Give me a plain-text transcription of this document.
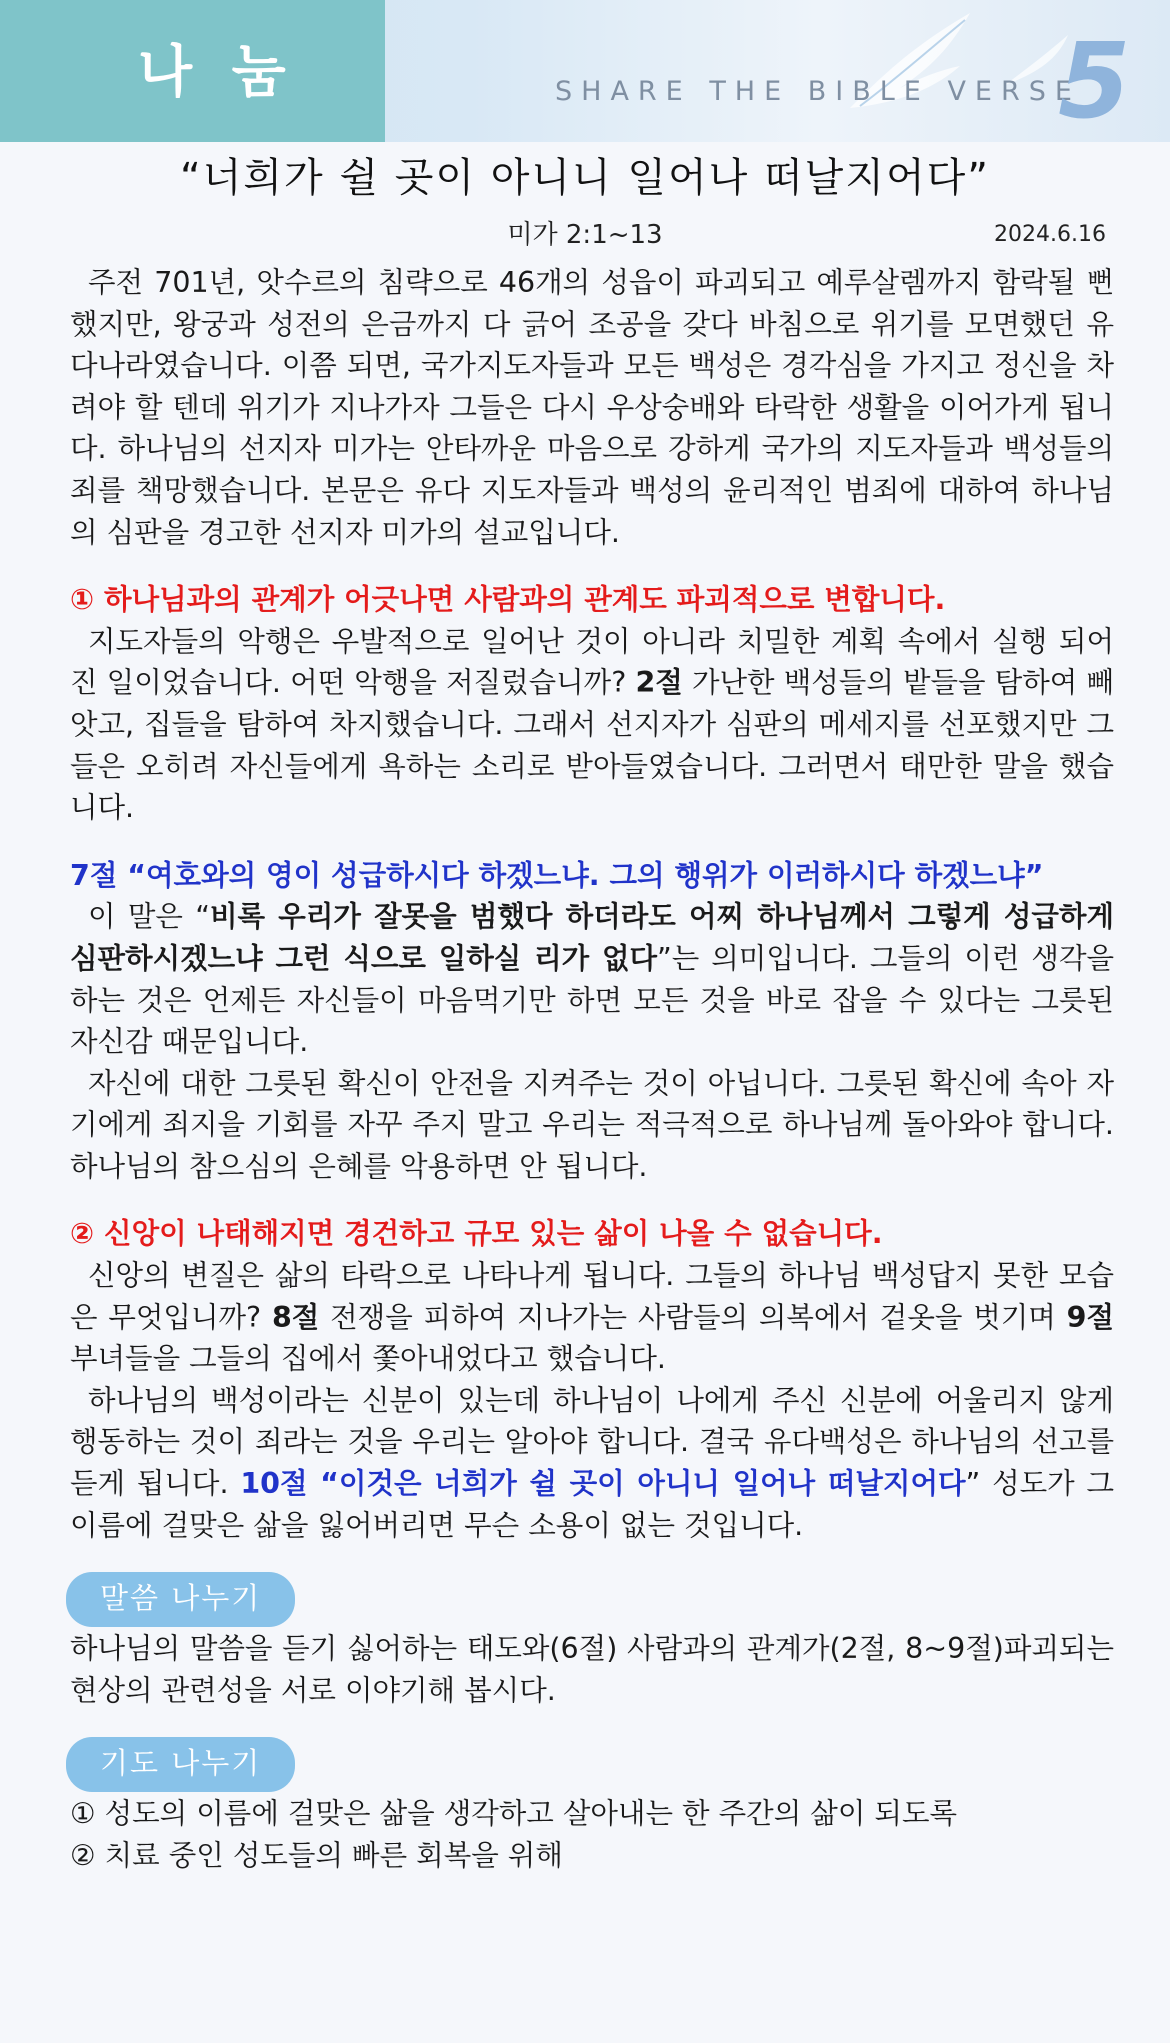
나 눔	SHARE THE BIBLE VERSE
5
“너희가 쉴 곳이 아니니 일어나 떠날지어다”
미가 2:1~13	2024.6.16

주전 701년, 앗수르의 침략으로 46개의 성읍이 파괴되고 예루살렘까지 함락될 뻔했지만, 왕궁과 성전의 은금까지 다 긁어 조공을 갖다 바침으로 위기를 모면했던 유다나라였습니다. 이쯤 되면, 국가지도자들과 모든 백성은 경각심을 가지고 정신을 차려야 할 텐데 위기가 지나가자 그들은 다시 우상숭배와 타락한 생활을 이어가게 됩니다. 하나님의 선지자 미가는 안타까운 마음으로 강하게 국가의 지도자들과 백성들의 죄를 책망했습니다. 본문은 유다 지도자들과 백성의 윤리적인 범죄에 대하여 하나님의 심판을 경고한 선지자 미가의 설교입니다.

① 하나님과의 관계가 어긋나면 사람과의 관계도 파괴적으로 변합니다.

지도자들의 악행은 우발적으로 일어난 것이 아니라 치밀한 계획 속에서 실행 되어진 일이었습니다. 어떤 악행을 저질렀습니까? 2절 가난한 백성들의 밭들을 탐하여 빼앗고, 집들을 탐하여 차지했습니다. 그래서 선지자가 심판의 메세지를 선포했지만 그들은 오히려 자신들에게 욕하는 소리로 받아들였습니다. 그러면서 태만한 말을 했습니다.

7절 “여호와의 영이 성급하시다 하겠느냐. 그의 행위가 이러하시다 하겠느냐”

이 말은 “비록 우리가 잘못을 범했다 하더라도 어찌 하나님께서 그렇게 성급하게 심판하시겠느냐 그런 식으로 일하실 리가 없다”는 의미입니다. 그들의 이런 생각을 하는 것은 언제든 자신들이 마음먹기만 하면 모든 것을 바로 잡을 수 있다는 그릇된 자신감 때문입니다.

자신에 대한 그릇된 확신이 안전을 지켜주는 것이 아닙니다. 그릇된 확신에 속아 자기에게 죄지을 기회를 자꾸 주지 말고 우리는 적극적으로 하나님께 돌아와야 합니다. 하나님의 참으심의 은혜를 악용하면 안 됩니다.

② 신앙이 나태해지면 경건하고 규모 있는 삶이 나올 수 없습니다.

신앙의 변질은 삶의 타락으로 나타나게 됩니다. 그들의 하나님 백성답지 못한 모습은 무엇입니까? 8절 전쟁을 피하여 지나가는 사람들의 의복에서 겉옷을 벗기며 9절 부녀들을 그들의 집에서 쫓아내었다고 했습니다.

하나님의 백성이라는 신분이 있는데 하나님이 나에게 주신 신분에 어울리지 않게 행동하는 것이 죄라는 것을 우리는 알아야 합니다. 결국 유다백성은 하나님의 선고를 듣게 됩니다. 10절 “이것은 너희가 쉴 곳이 아니니 일어나 떠날지어다” 성도가 그 이름에 걸맞은 삶을 잃어버리면 무슨 소용이 없는 것입니다.

말씀 나누기

하나님의 말씀을 듣기 싫어하는 태도와(6절) 사람과의 관계가(2절, 8~9절)파괴되는 현상의 관련성을 서로 이야기해 봅시다.

기도 나누기

① 성도의 이름에 걸맞은 삶을 생각하고 살아내는 한 주간의 삶이 되도록

② 치료 중인 성도들의 빠른 회복을 위해
